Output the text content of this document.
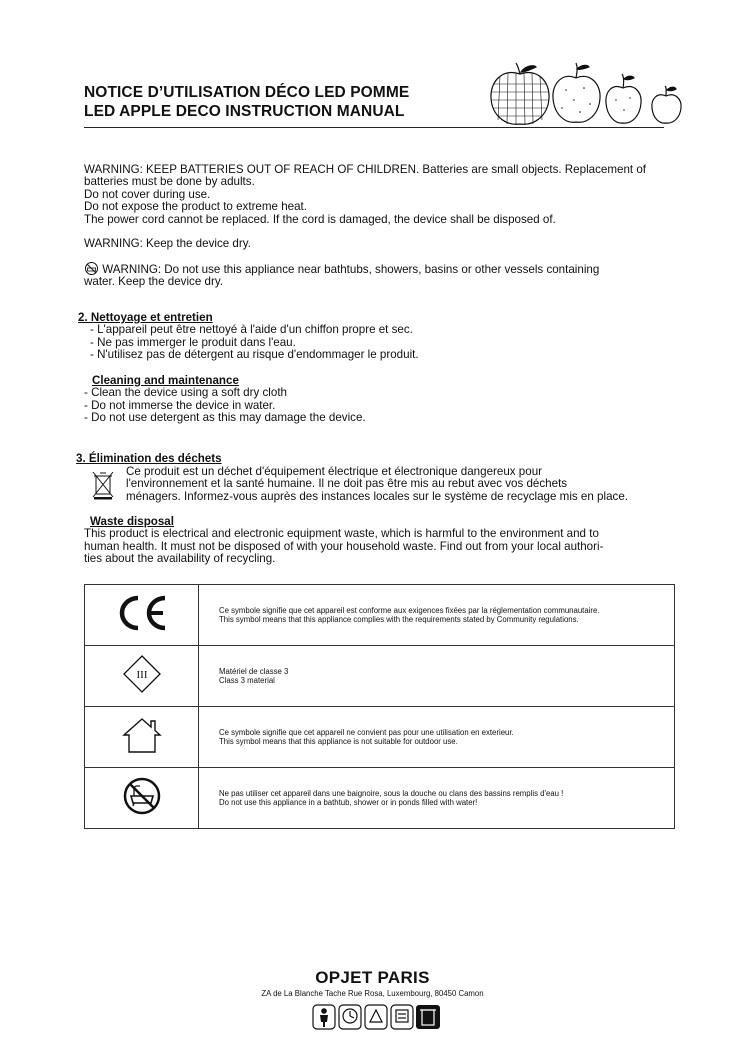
NOTICE D’UTILISATION DÉCO LED POMME
LED APPLE DECO INSTRUCTION MANUAL

WARNING: KEEP BATTERIES OUT OF REACH OF CHILDREN. Batteries are small objects. Replacement of

batteries must be done by adults.

Do not cover during use.

Do not expose the product to extreme heat.

The power cord cannot be replaced. If the cord is damaged, the device shall be disposed of.

WARNING: Keep the device dry.

WARNING: Do not use this appliance near bathtubs, showers, basins or other vessels containing

water. Keep the device dry.

2. Nettoyage et entretien

- L'appareil peut être nettoyé à l'aide d'un chiffon propre et sec.

- Ne pas immerger le produit dans l'eau.

- N'utilisez pas de détergent au risque d'endommager le produit.

Cleaning and maintenance

- Clean the device using a soft dry cloth

- Do not immerse the device in water.

- Do not use detergent as this may damage the device.

3. Élimination des déchets

Ce produit est un déchet d'équipement électrique et électronique dangereux pour

l'environnement et la santé humaine. Il ne doit pas être mis au rebut avec vos déchets

ménagers. Informez-vous auprès des instances locales sur le système de recyclage mis en place.

Waste disposal

This product is electrical and electronic equipment waste, which is harmful to the environment and to

human health. It must not be disposed of with your household waste. Find out from your local authori-

ties about the availability of recycling.

Ce symbole signifie que cet appareil est conforme aux exigences fixées par la réglementation communautaire.
This symbol means that this appliance complies with the requirements stated by Community regulations.

III	Matériel de classe 3
Class 3 material

Ce symbole signifie que cet appareil ne convient pas pour une utilisation en exterieur.
This symbol means that this appliance is not suitable for outdoor use.

Ne pas utiliser cet appareil dans une baignoire, sous la douche ou clans des bassins remplis d'eau !
Do not use this appliance in a bathtub, shower or in ponds filled with water!
OPJET PARIS
ZA de La Blanche Tache Rue Rosa, Luxembourg, 80450 Camon
